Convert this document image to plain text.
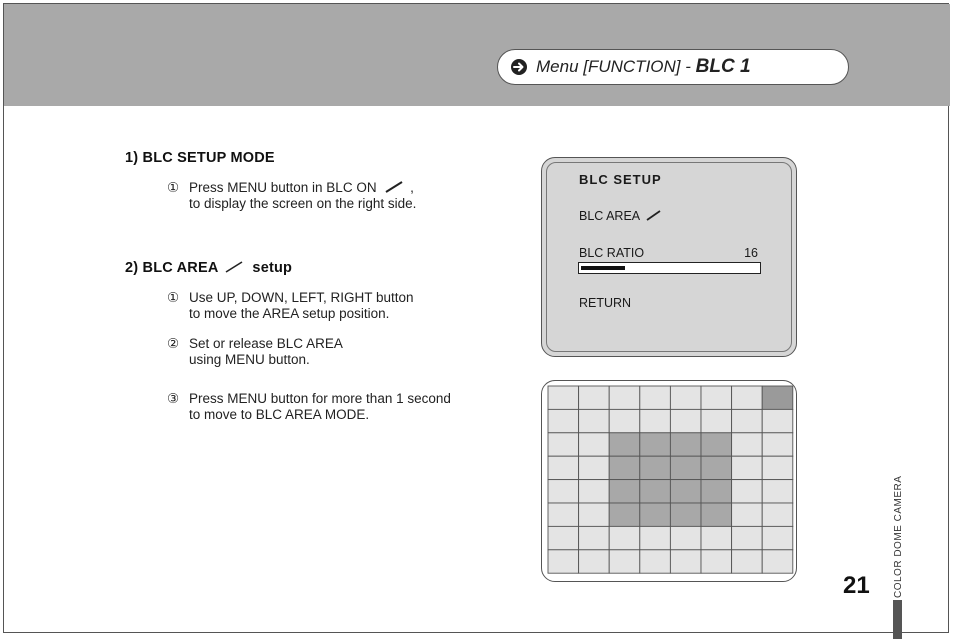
Menu [FUNCTION] - BLC 1
1) BLC SETUP MODE
① Press MENU button in BLC ON  ,
to display the screen on the right side.
2) BLC AREA  setup
① Use UP, DOWN, LEFT, RIGHT button
to move the AREA setup position.
② Set or release BLC AREA
using MENU button.
③ Press MENU button for more than 1 second
to move to BLC AREA MODE.
BLC SETUP
BLC AREA
BLC RATIO	16
RETURN
21 COLOR DOME CAMERA
